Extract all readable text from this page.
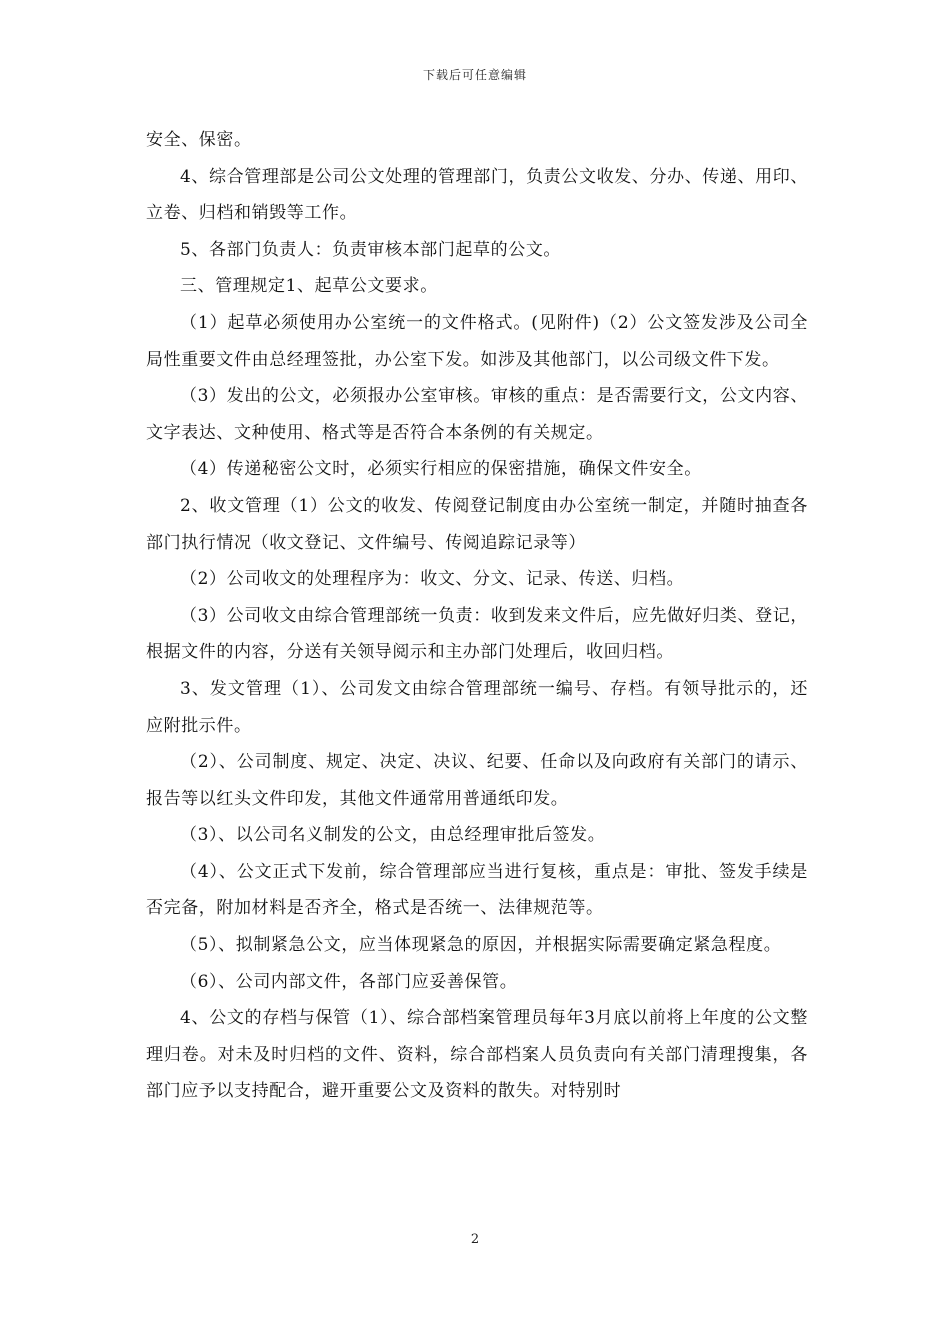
下载后可任意编辑

安全、保密。

4、综合管理部是公司公文处理的管理部门，负责公文收发、分办、传递、用印、立卷、归档和销毁等工作。

5、各部门负责人：负责审核本部门起草的公文。

三、管理规定1、起草公文要求。

（1）起草必须使用办公室统一的文件格式。(见附件)（2）公文签发涉及公司全局性重要文件由总经理签批，办公室下发。如涉及其他部门，以公司级文件下发。

（3）发出的公文，必须报办公室审核。审核的重点：是否需要行文，公文内容、文字表达、文种使用、格式等是否符合本条例的有关规定。

（4）传递秘密公文时，必须实行相应的保密措施，确保文件安全。

2、收文管理（1）公文的收发、传阅登记制度由办公室统一制定，并随时抽查各部门执行情况（收文登记、文件编号、传阅追踪记录等）

（2）公司收文的处理程序为：收文、分文、记录、传送、归档。

（3）公司收文由综合管理部统一负责：收到发来文件后，应先做好归类、登记，根据文件的内容，分送有关领导阅示和主办部门处理后，收回归档。

3、发文管理（1）、公司发文由综合管理部统一编号、存档。有领导批示的，还应附批示件。

（2）、公司制度、规定、决定、决议、纪要、任命以及向政府有关部门的请示、报告等以红头文件印发，其他文件通常用普通纸印发。

（3）、以公司名义制发的公文，由总经理审批后签发。

（4）、公文正式下发前，综合管理部应当进行复核，重点是：审批、签发手续是否完备，附加材料是否齐全，格式是否统一、法律规范等。

（5）、拟制紧急公文，应当体现紧急的原因，并根据实际需要确定紧急程度。

（6）、公司内部文件，各部门应妥善保管。

4、公文的存档与保管（1）、综合部档案管理员每年3月底以前将上年度的公文整理归卷。对未及时归档的文件、资料，综合部档案人员负责向有关部门清理搜集，各部门应予以支持配合，避开重要公文及资料的散失。对特别时

2
